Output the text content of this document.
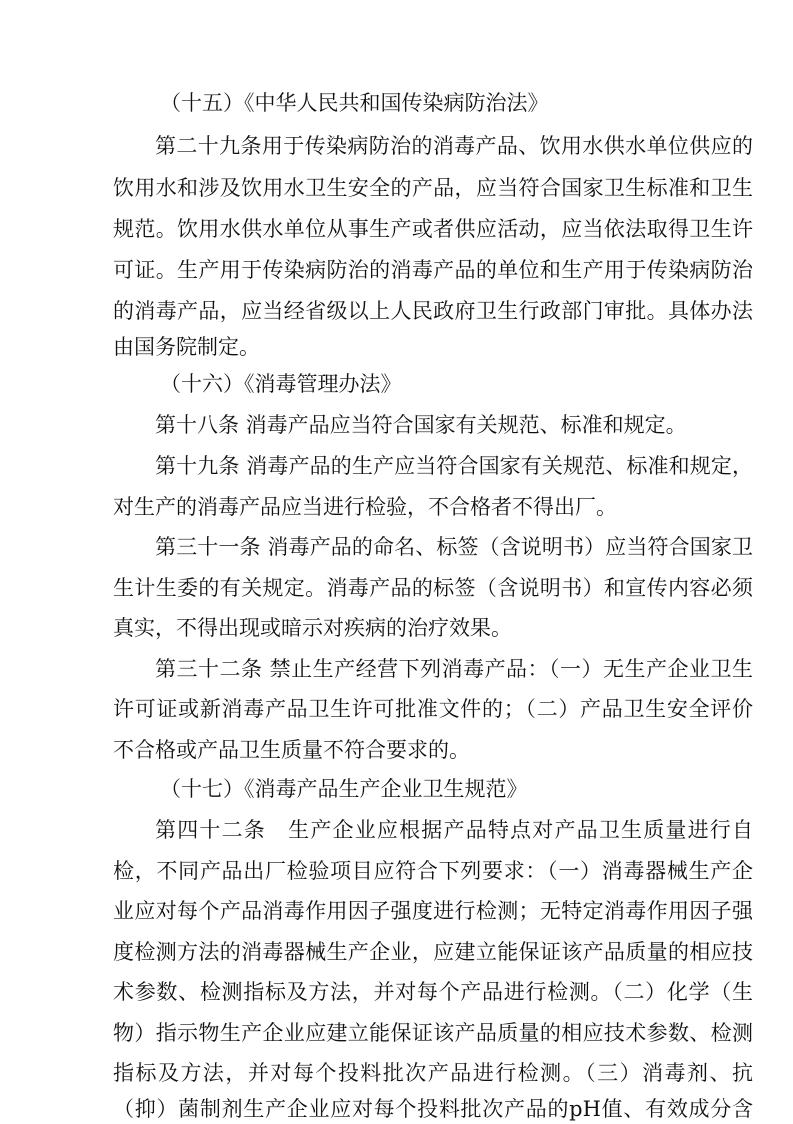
（十五）《中华人民共和国传染病防治法》
第二十九条用于传染病防治的消毒产品、饮用水供水单位供应的
饮用水和涉及饮用水卫生安全的产品，应当符合国家卫生标准和卫生
规范。饮用水供水单位从事生产或者供应活动，应当依法取得卫生许
可证。生产用于传染病防治的消毒产品的单位和生产用于传染病防治
的消毒产品，应当经省级以上人民政府卫生行政部门审批。具体办法
由国务院制定。
（十六）《消毒管理办法》
第十八条 消毒产品应当符合国家有关规范、标准和规定。
第十九条 消毒产品的生产应当符合国家有关规范、标准和规定，
对生产的消毒产品应当进行检验，不合格者不得出厂。
第三十一条 消毒产品的命名、标签（含说明书）应当符合国家卫
生计生委的有关规定。消毒产品的标签（含说明书）和宣传内容必须
真实，不得出现或暗示对疾病的治疗效果。
第三十二条 禁止生产经营下列消毒产品：（一）无生产企业卫生
许可证或新消毒产品卫生许可批准文件的；（二）产品卫生安全评价
不合格或产品卫生质量不符合要求的。
（十七）《消毒产品生产企业卫生规范》
第四十二条　生产企业应根据产品特点对产品卫生质量进行自
检，不同产品出厂检验项目应符合下列要求：（一）消毒器械生产企
业应对每个产品消毒作用因子强度进行检测；无特定消毒作用因子强
度检测方法的消毒器械生产企业，应建立能保证该产品质量的相应技
术参数、检测指标及方法，并对每个产品进行检测。（二）化学（生
物）指示物生产企业应建立能保证该产品质量的相应技术参数、检测
指标及方法，并对每个投料批次产品进行检测。（三）消毒剂、抗
（抑）菌制剂生产企业应对每个投料批次产品的pH值、有效成分含
